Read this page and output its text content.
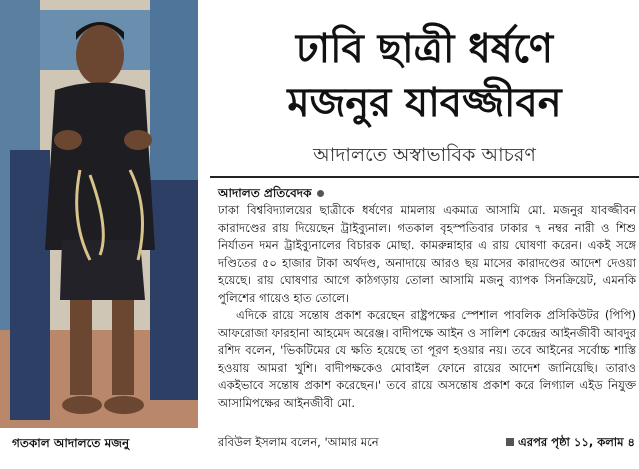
গতকাল আদালতে মজনু
ঢাবি ছাত্রী ধর্ষণে
মজনুর যাবজ্জীবন
আদালতে অস্বাভাবিক আচরণ
আদালত প্রতিবেদক

ঢাকা বিশ্ববিদ্যালয়ের ছাত্রীকে ধর্ষণের মামলায় একমাত্র আসামি মো. মজনুর যাবজ্জীবন কারাদণ্ডের রায় দিয়েছেন ট্রাইব্যুনাল। গতকাল বৃহস্পতিবার ঢাকার ৭ নম্বর নারী ও শিশু নির্যাতন দমন ট্রাইব্যুনালের বিচারক মোছা. কামরুন্নাহার এ রায় ঘোষণা করেন। একই সঙ্গে দণ্ডিতের ৫০ হাজার টাকা অর্থদণ্ড, অনাদায়ে আরও ছয় মাসের কারাদণ্ডের আদেশ দেওয়া হয়েছে। রায় ঘোষণার আগে কাঠগড়ায় তোলা আসামি মজনু ব্যাপক সিনক্রিয়েট, এমনকি পুলিশের গায়েও হাত তোলে।

এদিকে রায়ে সন্তোষ প্রকাশ করেছেন রাষ্ট্রপক্ষের স্পেশাল পাবলিক প্রসিকিউটর (পিপি) আফরোজা ফারহানা আহমেদ অরেঞ্জ। বাদীপক্ষে আইন ও সালিশ কেন্দ্রের আইনজীবী আবদুর রশিদ বলেন, 'ভিকটিমের যে ক্ষতি হয়েছে তা পূরণ হওয়ার নয়। তবে আইনের সর্বোচ্চ শাস্তি হওয়ায় আমরা খুশি। বাদীপক্ষকেও মোবাইল ফোনে রায়ের আদেশ জানিয়েছি। তারাও একইভাবে সন্তোষ প্রকাশ করেছেন।' তবে রায়ে অসন্তোষ প্রকাশ করে লিগ্যাল এইড নিযুক্ত আসামিপক্ষের আইনজীবী মো.

রবিউল ইসলাম বলেন, 'আমার মনে	এরপর পৃষ্ঠা ১১, কলাম ৪
